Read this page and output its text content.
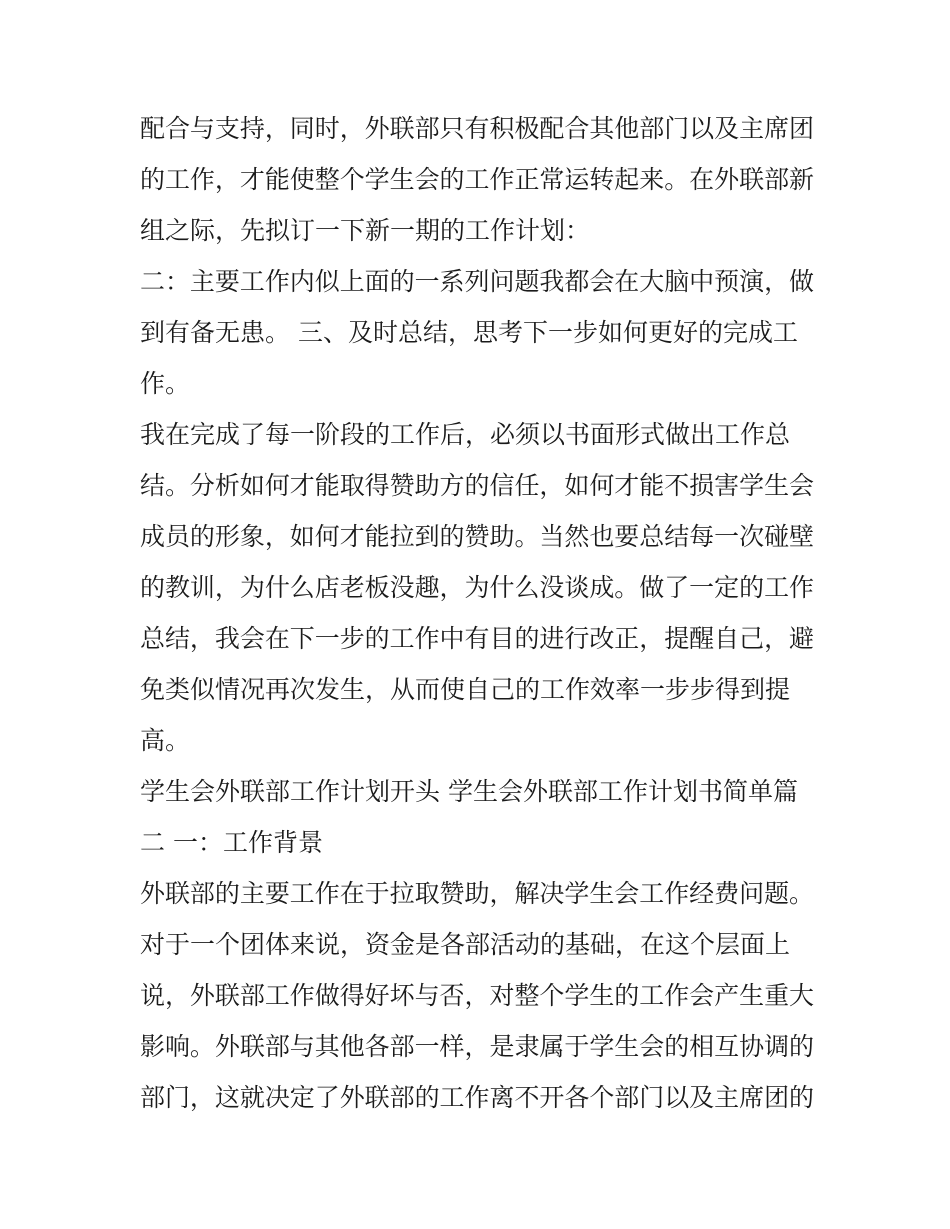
配合与支持，同时，外联部只有积极配合其他部门以及主席团
的工作，才能使整个学生会的工作正常运转起来。在外联部新
组之际，先拟订一下新一期的工作计划：
二：主要工作内似上面的一系列问题我都会在大脑中预演，做
到有备无患。 三、及时总结，思考下一步如何更好的完成工
作。
我在完成了每一阶段的工作后，必须以书面形式做出工作总
结。分析如何才能取得赞助方的信任，如何才能不损害学生会
成员的形象，如何才能拉到的赞助。当然也要总结每一次碰壁
的教训，为什么店老板没趣，为什么没谈成。做了一定的工作
总结，我会在下一步的工作中有目的进行改正，提醒自己，避
免类似情况再次发生，从而使自己的工作效率一步步得到提
高。
学生会外联部工作计划开头 学生会外联部工作计划书简单篇
二 一：工作背景
外联部的主要工作在于拉取赞助，解决学生会工作经费问题。
对于一个团体来说，资金是各部活动的基础，在这个层面上
说，外联部工作做得好坏与否，对整个学生的工作会产生重大
影响。外联部与其他各部一样，是隶属于学生会的相互协调的
部门，这就决定了外联部的工作离不开各个部门以及主席团的
